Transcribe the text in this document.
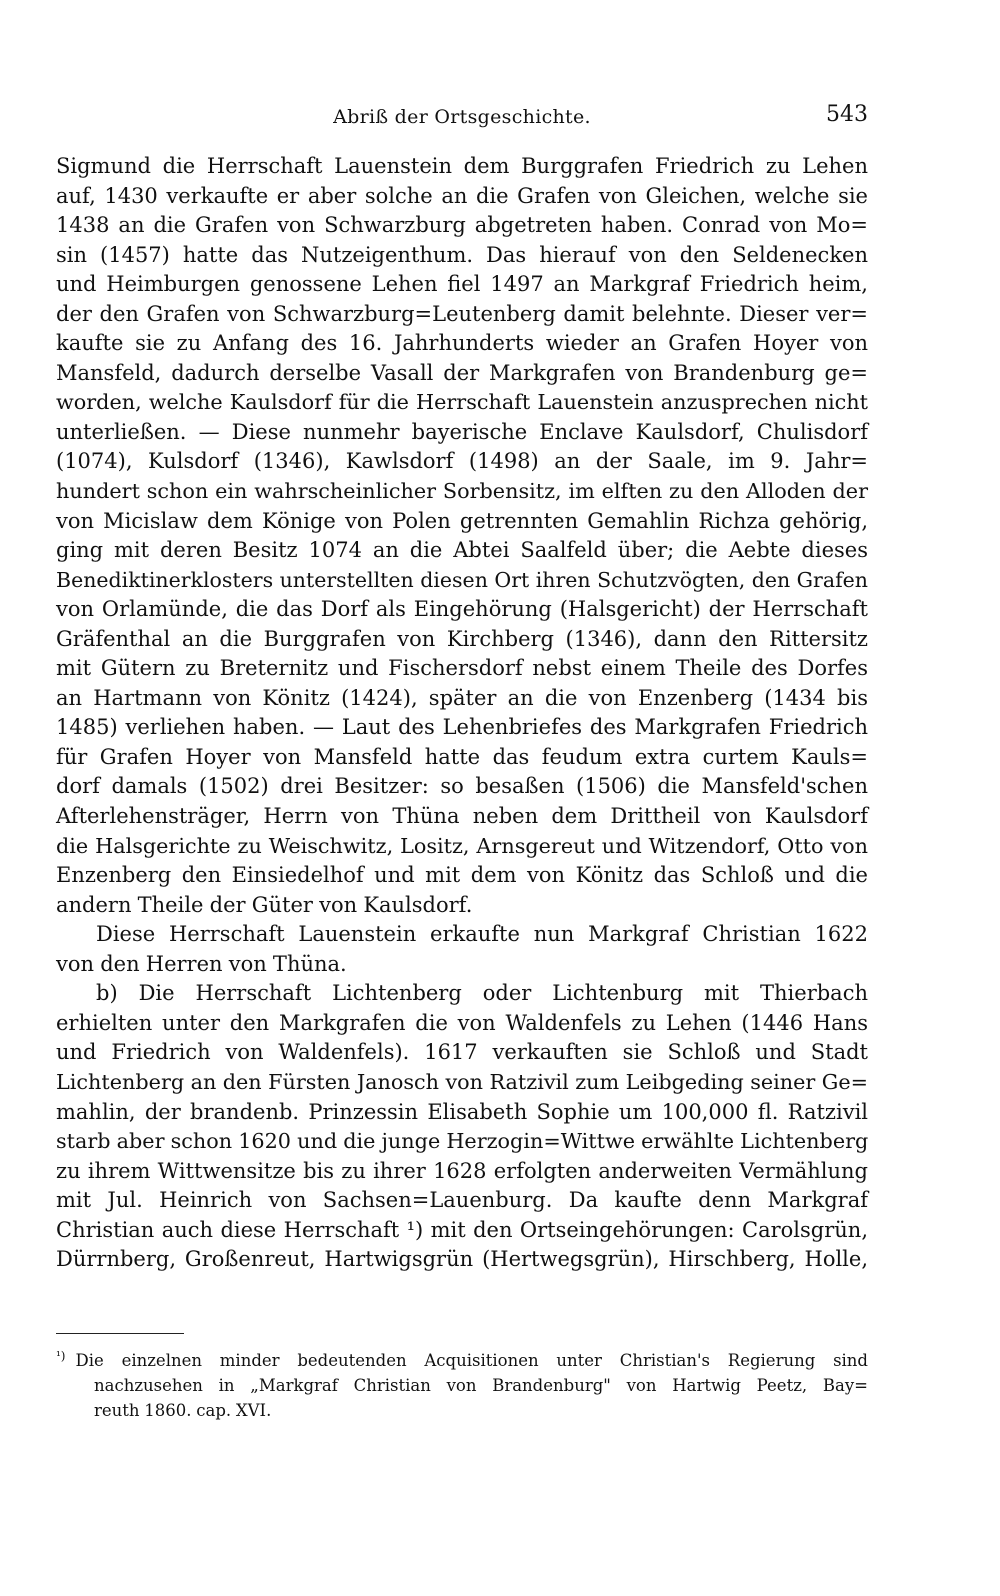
Abriß der Ortsgeschichte.	543
Sigmund die Herrschaft Lauenstein dem Burggrafen Friedrich zu Lehen
auf, 1430 verkaufte er aber solche an die Grafen von Gleichen, welche sie
1438 an die Grafen von Schwarzburg abgetreten haben. Conrad von Mo=
sin (1457) hatte das Nutzeigenthum. Das hierauf von den Seldenecken
und Heimburgen genossene Lehen fiel 1497 an Markgraf Friedrich heim,
der den Grafen von Schwarzburg=Leutenberg damit belehnte. Dieser ver=
kaufte sie zu Anfang des 16. Jahrhunderts wieder an Grafen Hoyer von
Mansfeld, dadurch derselbe Vasall der Markgrafen von Brandenburg ge=
worden, welche Kaulsdorf für die Herrschaft Lauenstein anzusprechen nicht
unterließen. — Diese nunmehr bayerische Enclave Kaulsdorf, Chulisdorf
(1074), Kulsdorf (1346), Kawlsdorf (1498) an der Saale, im 9. Jahr=
hundert schon ein wahrscheinlicher Sorbensitz, im elften zu den Alloden der
von Micislaw dem Könige von Polen getrennten Gemahlin Richza gehörig,
ging mit deren Besitz 1074 an die Abtei Saalfeld über; die Aebte dieses
Benediktinerklosters unterstellten diesen Ort ihren Schutzvögten, den Grafen
von Orlamünde, die das Dorf als Eingehörung (Halsgericht) der Herrschaft
Gräfenthal an die Burggrafen von Kirchberg (1346), dann den Rittersitz
mit Gütern zu Breternitz und Fischersdorf nebst einem Theile des Dorfes
an Hartmann von Könitz (1424), später an die von Enzenberg (1434 bis
1485) verliehen haben. — Laut des Lehenbriefes des Markgrafen Friedrich
für Grafen Hoyer von Mansfeld hatte das feudum extra curtem Kauls=
dorf damals (1502) drei Besitzer: so besaßen (1506) die Mansfeld'schen
Afterlehensträger, Herrn von Thüna neben dem Drittheil von Kaulsdorf
die Halsgerichte zu Weischwitz, Lositz, Arnsgereut und Witzendorf, Otto von
Enzenberg den Einsiedelhof und mit dem von Könitz das Schloß und die
andern Theile der Güter von Kaulsdorf.
Diese Herrschaft Lauenstein erkaufte nun Markgraf Christian 1622
von den Herren von Thüna.
b) Die Herrschaft Lichtenberg oder Lichtenburg mit Thierbach
erhielten unter den Markgrafen die von Waldenfels zu Lehen (1446 Hans
und Friedrich von Waldenfels). 1617 verkauften sie Schloß und Stadt
Lichtenberg an den Fürsten Janosch von Ratzivil zum Leibgeding seiner Ge=
mahlin, der brandenb. Prinzessin Elisabeth Sophie um 100,000 fl. Ratzivil
starb aber schon 1620 und die junge Herzogin=Wittwe erwählte Lichtenberg
zu ihrem Wittwensitze bis zu ihrer 1628 erfolgten anderweiten Vermählung
mit Jul. Heinrich von Sachsen=Lauenburg. Da kaufte denn Markgraf
Christian auch diese Herrschaft ¹) mit den Ortseingehörungen: Carolsgrün,
Dürrnberg, Großenreut, Hartwigsgrün (Hertwegsgrün), Hirschberg, Holle,
$^{^1)}$ Die einzelnen minder bedeutenden Acquisitionen unter Christian's Regierung sind
nachzusehen in „Markgraf Christian von Brandenburg" von Hartwig Peetz, Bay=
reuth 1860. cap. XVI.
